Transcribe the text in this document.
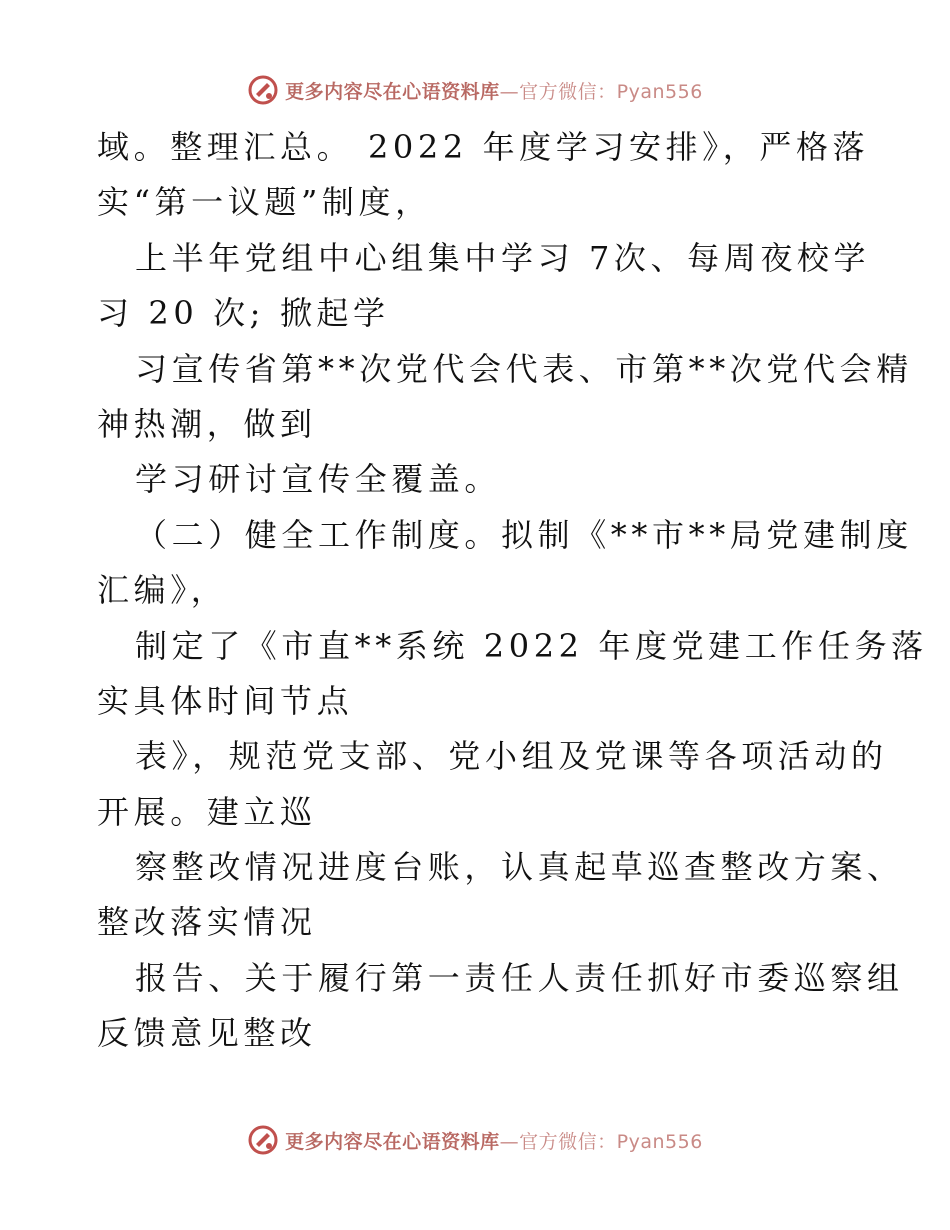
更多内容尽在心语资料库—官方微信：Pyan556
域。整理汇总。 2022 年度学习安排》，严格落
实“第一议题”制度，
上半年党组中心组集中学习 7次、每周夜校学
习 20 次; 掀起学
习宣传省第**次党代会代表、市第**次党代会精
神热潮，做到
学习研讨宣传全覆盖。
（二）健全工作制度。拟制《**市**局党建制度
汇编》，
制定了《市直**系统 2022 年度党建工作任务落
实具体时间节点
表》，规范党支部、党小组及党课等各项活动的
开展。建立巡
察整改情况进度台账，认真起草巡查整改方案、
整改落实情况
报告、关于履行第一责任人责任抓好市委巡察组
反馈意见整改
更多内容尽在心语资料库—官方微信：Pyan556
